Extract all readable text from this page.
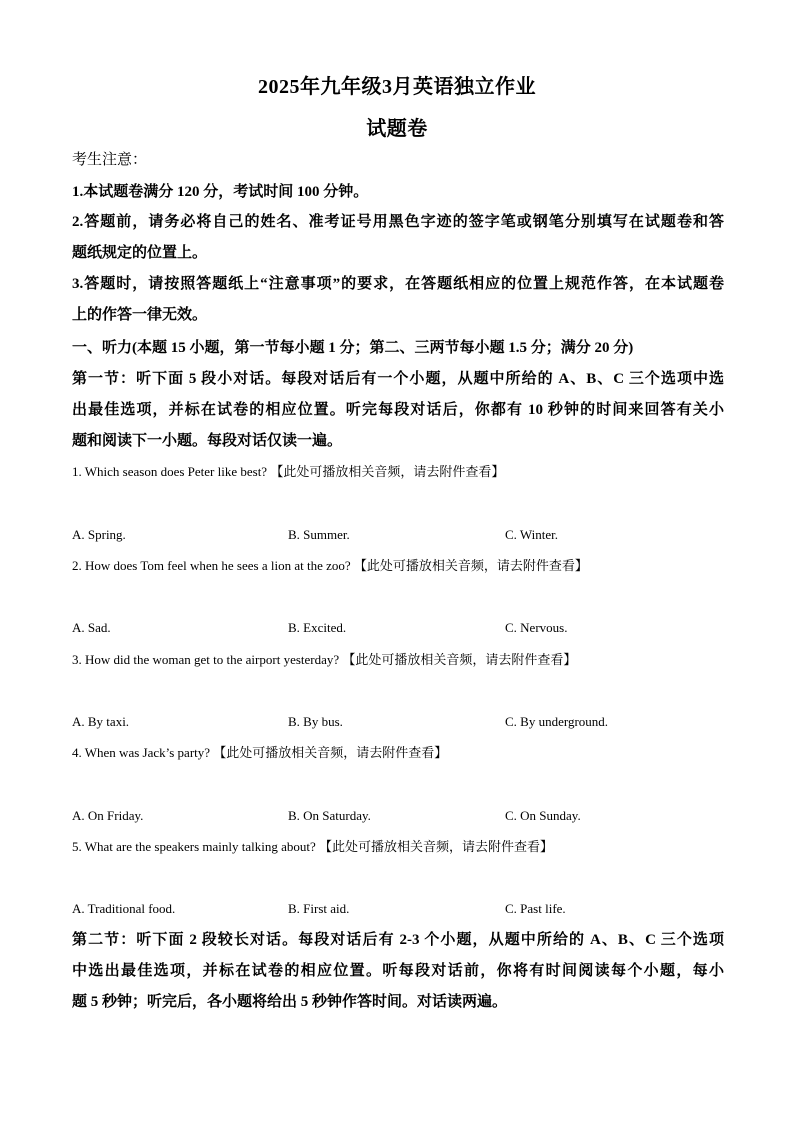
2025年九年级3月英语独立作业
试题卷
考生注意：
1.本试题卷满分 120 分，考试时间 100 分钟。
2.答题前，请务必将自己的姓名、准考证号用黑色字迹的签字笔或钢笔分别填写在试题卷和答
题纸规定的位置上。
3.答题时，请按照答题纸上“注意事项”的要求，在答题纸相应的位置上规范作答，在本试题卷
上的作答一律无效。
一、听力(本题 15 小题，第一节每小题 1 分；第二、三两节每小题 1.5 分；满分 20 分)
第一节：听下面 5 段小对话。每段对话后有一个小题，从题中所给的 A、B、C 三个选项中选
出最佳选项，并标在试卷的相应位置。听完每段对话后，你都有 10 秒钟的时间来回答有关小
题和阅读下一小题。每段对话仅读一遍。
1. Which season does Peter like best? 【此处可播放相关音频，请去附件查看】
A. Spring.	B. Summer.	C. Winter.
2. How does Tom feel when he sees a lion at the zoo? 【此处可播放相关音频，请去附件查看】
A. Sad.	B. Excited.	C. Nervous.
3. How did the woman get to the airport yesterday? 【此处可播放相关音频，请去附件查看】
A. By taxi.	B. By bus.	C. By underground.
4. When was Jack’s party? 【此处可播放相关音频，请去附件查看】
A. On Friday.	B. On Saturday.	C. On Sunday.
5. What are the speakers mainly talking about? 【此处可播放相关音频，请去附件查看】
A. Traditional food.	B. First aid.	C. Past life.
第二节：听下面 2 段较长对话。每段对话后有 2-3 个小题，从题中所给的 A、B、C 三个选项
中选出最佳选项，并标在试卷的相应位置。听每段对话前，你将有时间阅读每个小题，每小
题 5 秒钟；听完后，各小题将给出 5 秒钟作答时间。对话读两遍。
